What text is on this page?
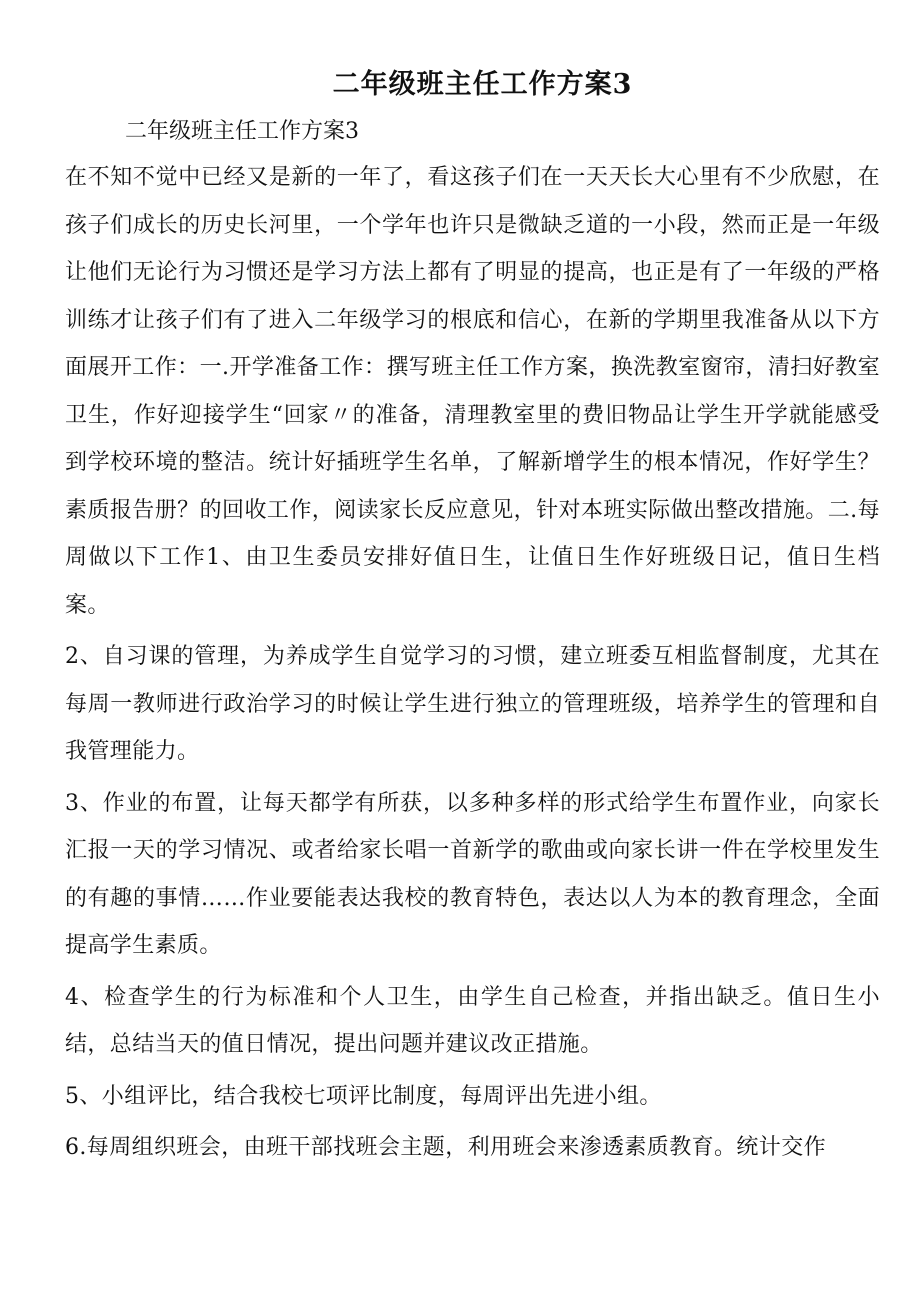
二年级班主任工作方案3

二年级班主任工作方案3

在不知不觉中已经又是新的一年了，看这孩子们在一天天长大心里有不少欣慰，在孩子们成长的历史长河里，一个学年也许只是微缺乏道的一小段，然而正是一年级让他们无论行为习惯还是学习方法上都有了明显的提高，也正是有了一年级的严格训练才让孩子们有了进入二年级学习的根底和信心，在新的学期里我准备从以下方面展开工作：一.开学准备工作：撰写班主任工作方案，换洗教室窗帘，清扫好教室卫生，作好迎接学生“回家〃的准备，清理教室里的费旧物品让学生开学就能感受到学校环境的整洁。统计好插班学生名单，了解新增学生的根本情况，作好学生？素质报告册？的回收工作，阅读家长反应意见，针对本班实际做出整改措施。二.每周做以下工作1、由卫生委员安排好值日生，让值日生作好班级日记，值日生档案。

2、自习课的管理，为养成学生自觉学习的习惯，建立班委互相监督制度，尤其在每周一教师进行政治学习的时候让学生进行独立的管理班级，培养学生的管理和自我管理能力。

3、作业的布置，让每天都学有所获，以多种多样的形式给学生布置作业，向家长汇报一天的学习情况、或者给家长唱一首新学的歌曲或向家长讲一件在学校里发生的有趣的事情……作业要能表达我校的教育特色，表达以人为本的教育理念，全面提高学生素质。

4、检查学生的行为标准和个人卫生，由学生自己检查，并指出缺乏。值日生小结，总结当天的值日情况，提出问题并建议改正措施。

5、小组评比，结合我校七项评比制度，每周评出先进小组。

6.每周组织班会，由班干部找班会主题，利用班会来渗透素质教育。统计交作
